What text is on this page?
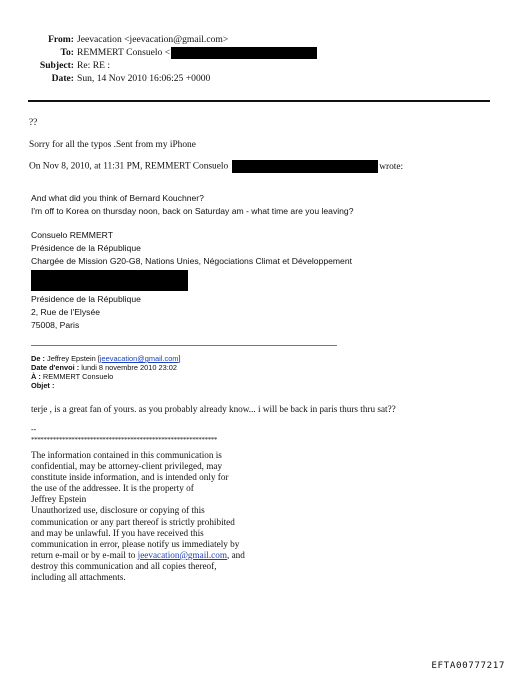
From: Jeevacation <jeevacation@gmail.com>
To: REMMERT Consuelo <
Subject: Re: RE :
Date: Sun, 14 Nov 2010 16:06:25 +0000
??
Sorry for all the typos .Sent from my iPhone
On Nov 8, 2010, at 11:31 PM, REMMERT Consuelo	wrote:
And what did you think of Bernard Kouchner?
I'm off to Korea on thursday noon, back on Saturday am - what time are you leaving?
Consuelo REMMERT
Présidence de la République
Chargée de Mission G20-G8, Nations Unies, Négociations Climat et Développement
Présidence de la République
2, Rue de l'Elysée
75008, Paris
De : Jeffrey Epstein [jeevacation@gmail.com]
Date d'envoi : lundi 8 novembre 2010 23:02
À : REMMERT Consuelo
Objet :
terje , is a great fan of yours. as you probably already know... i will be back in paris thurs thru sat??
--
************************************************************
The information contained in this communication is
confidential, may be attorney-client privileged, may
constitute inside information, and is intended only for
the use of the addressee. It is the property of
Jeffrey Epstein
Unauthorized use, disclosure or copying of this
communication or any part thereof is strictly prohibited
and may be unlawful. If you have received this
communication in error, please notify us immediately by
return e-mail or by e-mail to jeevacation@gmail.com, and
destroy this communication and all copies thereof,
including all attachments.
EFTA00777217
